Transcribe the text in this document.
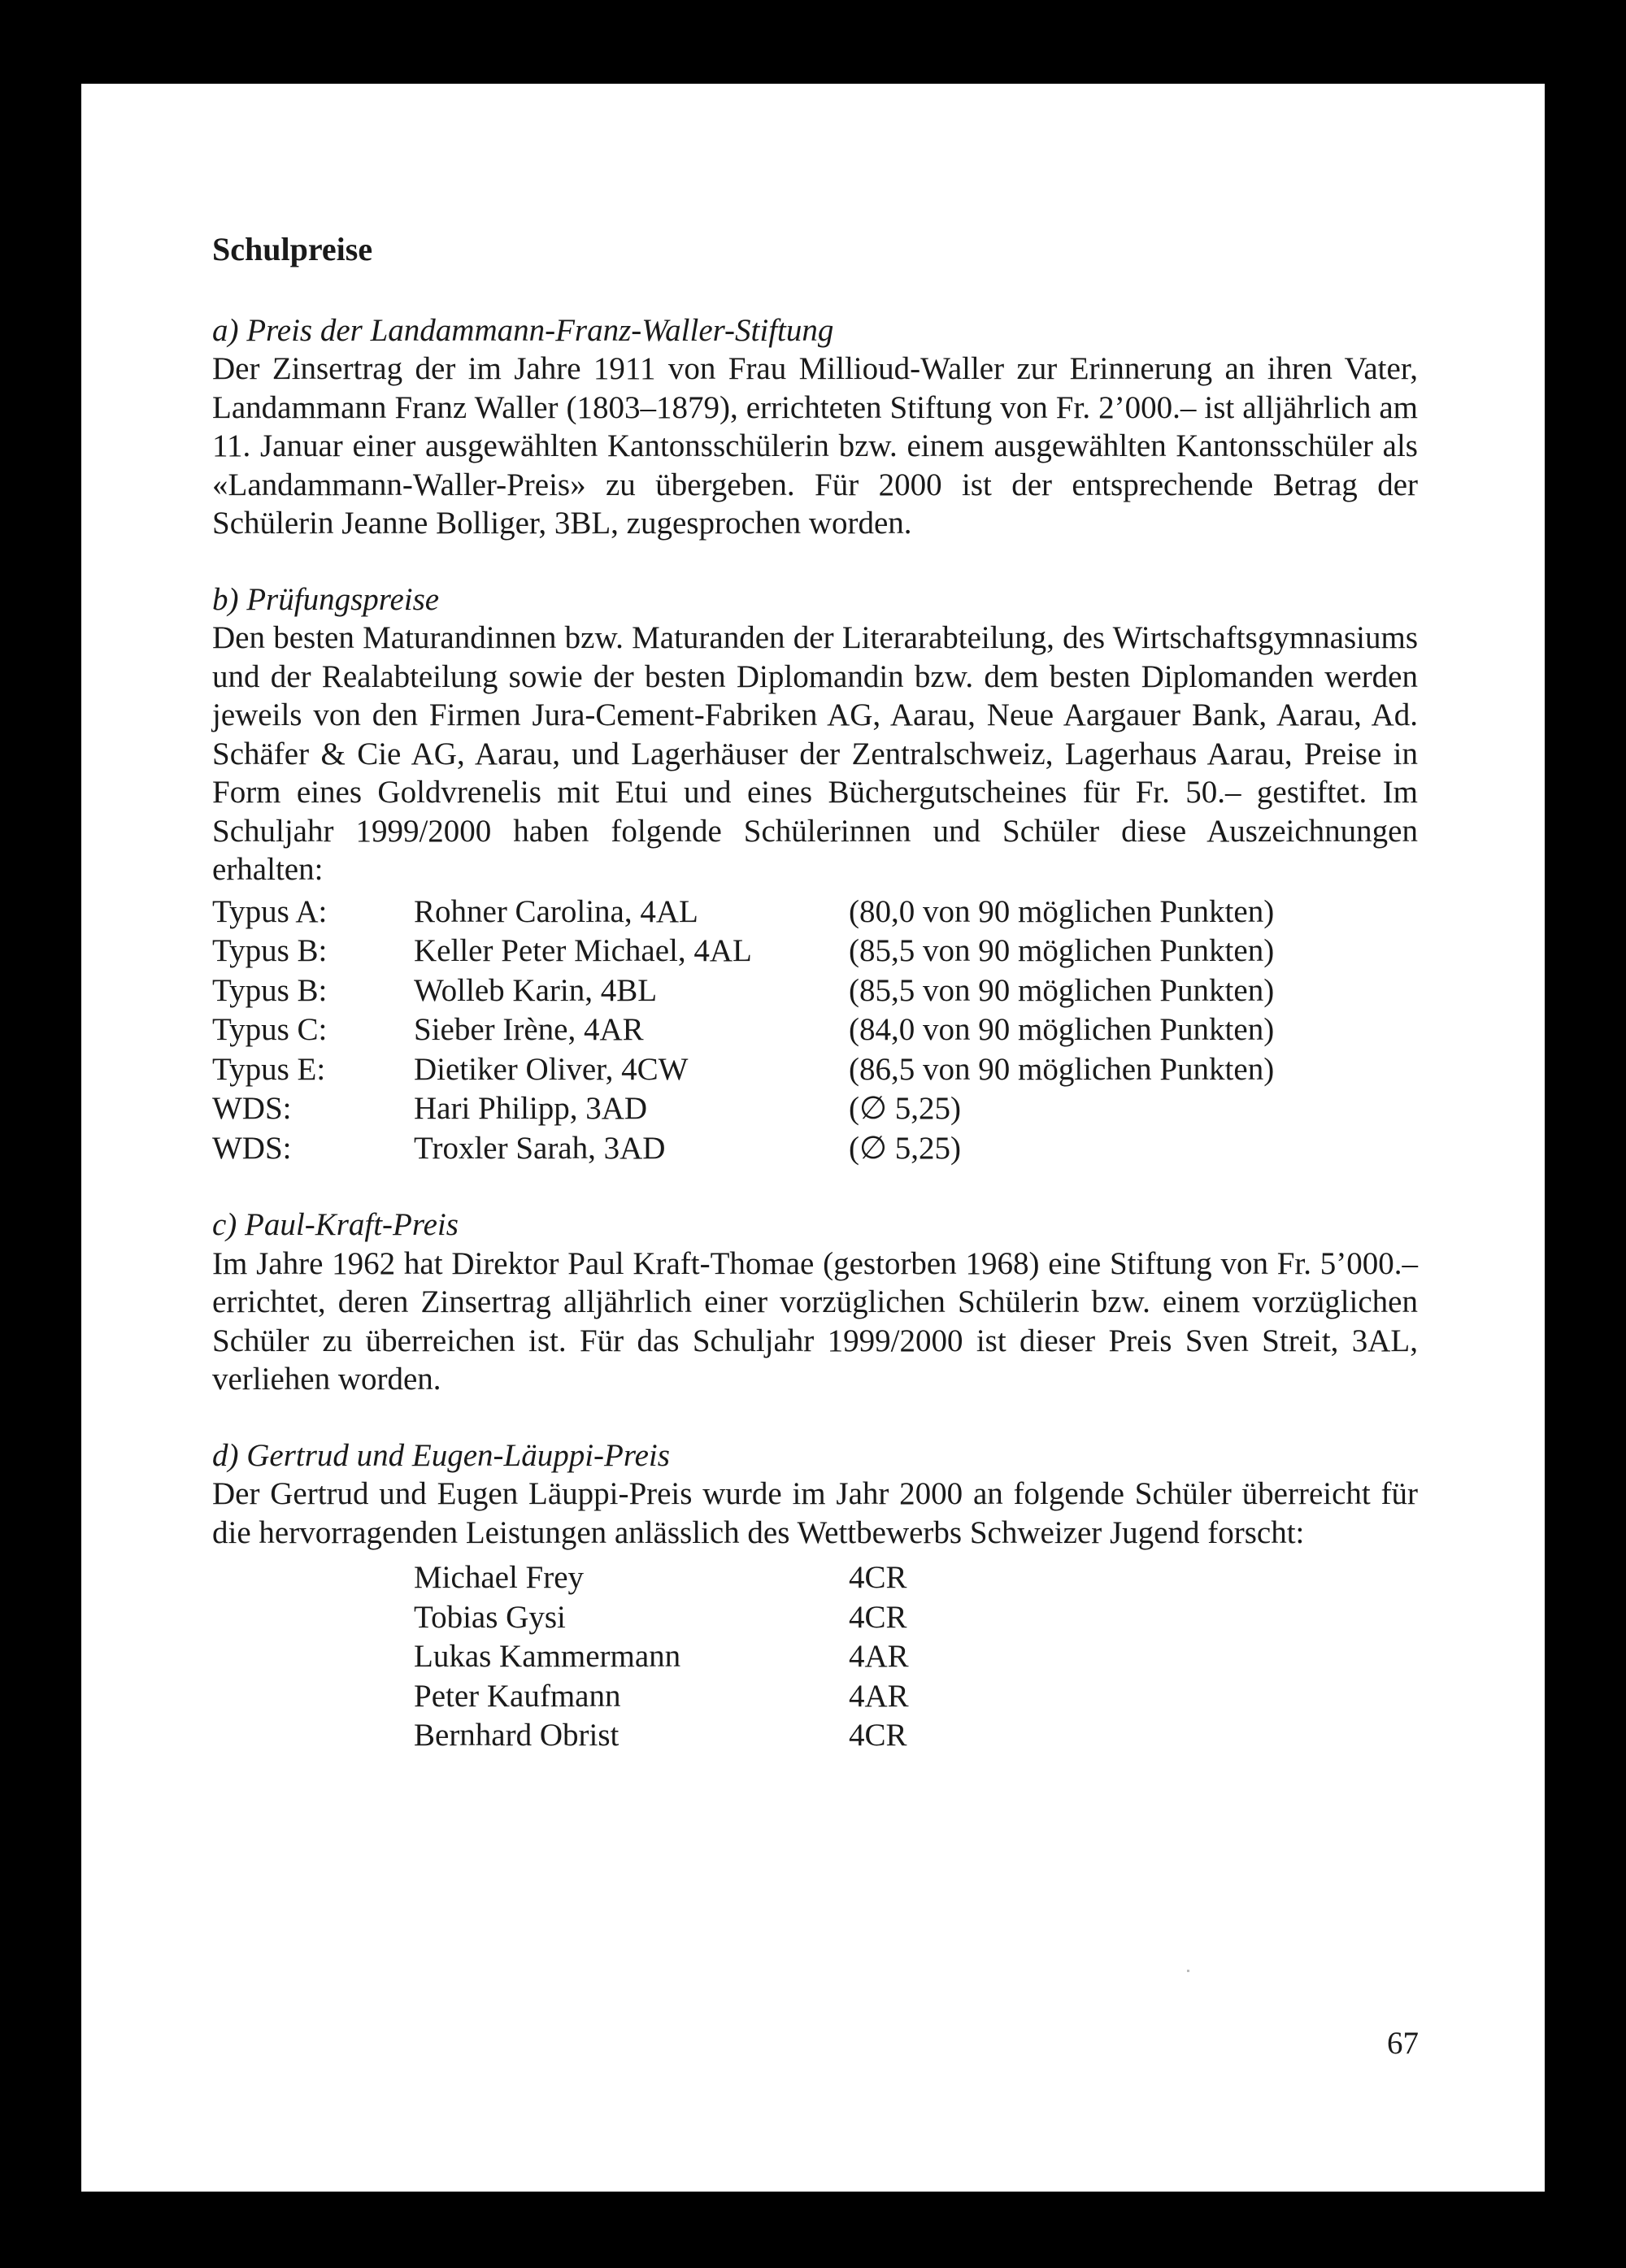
Schulpreise
a) Preis der Landammann-Franz-Waller-Stiftung

Der Zinsertrag der im Jahre 1911 von Frau Millioud-Waller zur Erinnerung an ihren Vater, Landammann Franz Waller (1803–1879), errichteten Stiftung von Fr. 2’000.– ist alljährlich am 11. Januar einer ausgewählten Kantonsschülerin bzw. einem ausgewählten Kantonsschüler als «Landammann-Waller-Preis» zu übergeben. Für 2000 ist der entsprechende Betrag der Schülerin Jeanne Bolliger, 3BL, zugesprochen worden.

b) Prüfungspreise

Den besten Maturandinnen bzw. Maturanden der Literarabteilung, des Wirtschaftsgymnasiums und der Realabteilung sowie der besten Diplomandin bzw. dem besten Diplomanden werden jeweils von den Firmen Jura-Cement-Fabriken AG, Aarau, Neue Aargauer Bank, Aarau, Ad. Schäfer & Cie AG, Aarau, und Lagerhäuser der Zentralschweiz, Lagerhaus Aarau, Preise in Form eines Goldvrenelis mit Etui und eines Büchergutscheines für Fr. 50.– gestiftet. Im Schuljahr 1999/2000 haben folgende Schülerinnen und Schüler diese Auszeichnungen erhalten:

Typus A:	Rohner Carolina, 4AL	(80,0 von 90 möglichen Punkten)
Typus B:	Keller Peter Michael, 4AL	(85,5 von 90 möglichen Punkten)
Typus B:	Wolleb Karin, 4BL	(85,5 von 90 möglichen Punkten)
Typus C:	Sieber Irène, 4AR	(84,0 von 90 möglichen Punkten)
Typus E:	Dietiker Oliver, 4CW	(86,5 von 90 möglichen Punkten)
WDS:	Hari Philipp, 3AD	(∅ 5,25)
WDS:	Troxler Sarah, 3AD	(∅ 5,25)
c) Paul-Kraft-Preis

Im Jahre 1962 hat Direktor Paul Kraft-Thomae (gestorben 1968) eine Stiftung von Fr. 5’000.– errichtet, deren Zinsertrag alljährlich einer vorzüglichen Schülerin bzw. einem vorzüglichen Schüler zu überreichen ist. Für das Schuljahr 1999/2000 ist dieser Preis Sven Streit, 3AL, verliehen worden.

d) Gertrud und Eugen-Läuppi-Preis

Der Gertrud und Eugen Läuppi-Preis wurde im Jahr 2000 an folgende Schüler überreicht für die hervorragenden Leistungen anlässlich des Wettbewerbs Schweizer Jugend forscht:

Michael Frey	4CR
Tobias Gysi	4CR
Lukas Kammermann	4AR
Peter Kaufmann	4AR
Bernhard Obrist	4CR
67
